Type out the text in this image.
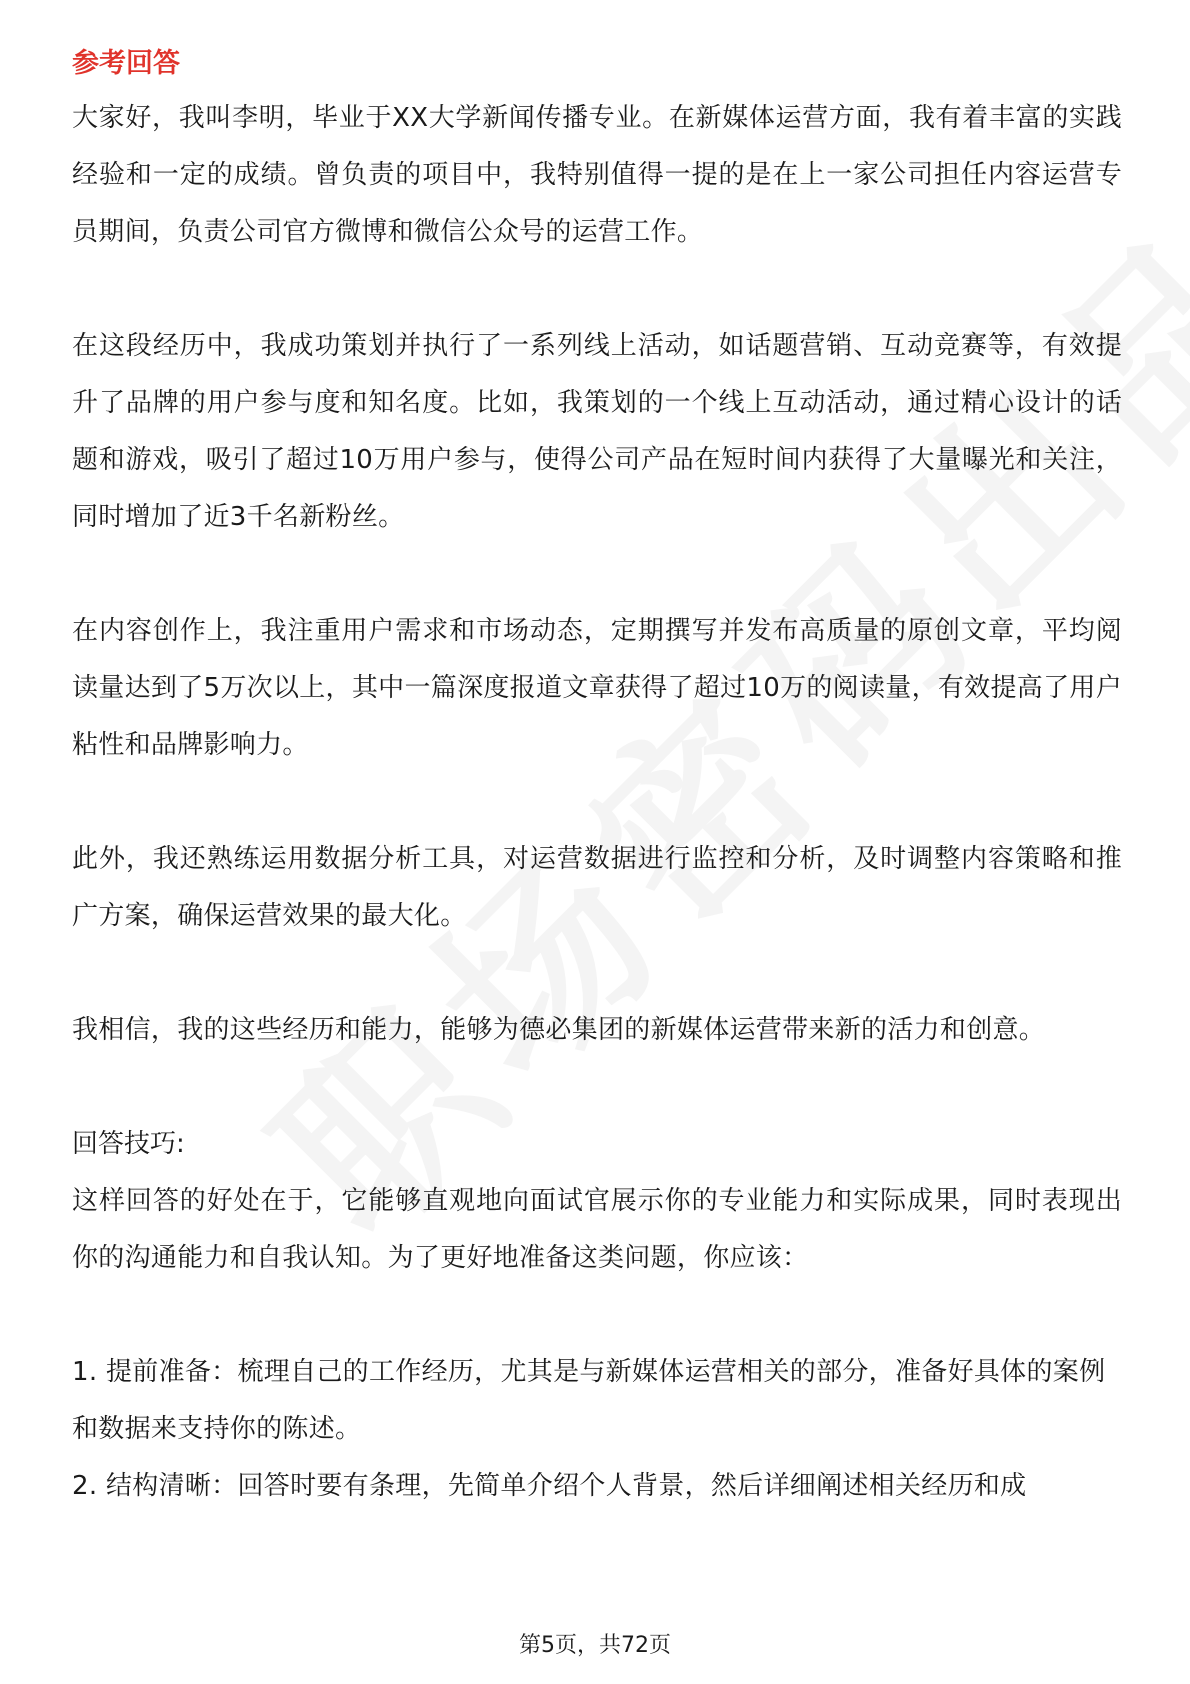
参考回答

大家好，我叫李明，毕业于XX大学新闻传播专业。在新媒体运营方面，我有着丰富的实践经验和一定的成绩。曾负责的项目中，我特别值得一提的是在上一家公司担任内容运营专员期间，负责公司官方微博和微信公众号的运营工作。

在这段经历中，我成功策划并执行了一系列线上活动，如话题营销、互动竞赛等，有效提升了品牌的用户参与度和知名度。比如，我策划的一个线上互动活动，通过精心设计的话题和游戏，吸引了超过10万用户参与，使得公司产品在短时间内获得了大量曝光和关注，同时增加了近3千名新粉丝。

在内容创作上，我注重用户需求和市场动态，定期撰写并发布高质量的原创文章，平均阅读量达到了5万次以上，其中一篇深度报道文章获得了超过10万的阅读量，有效提高了用户粘性和品牌影响力。

此外，我还熟练运用数据分析工具，对运营数据进行监控和分析，及时调整内容策略和推广方案，确保运营效果的最大化。

我相信，我的这些经历和能力，能够为德必集团的新媒体运营带来新的活力和创意。

回答技巧:

这样回答的好处在于，它能够直观地向面试官展示你的专业能力和实际成果，同时表现出你的沟通能力和自我认知。为了更好地准备这类问题，你应该：

1. 提前准备：梳理自己的工作经历，尤其是与新媒体运营相关的部分，准备好具体的案例和数据来支持你的陈述。

2. 结构清晰：回答时要有条理，先简单介绍个人背景，然后详细阐述相关经历和成

第5页，共72页
